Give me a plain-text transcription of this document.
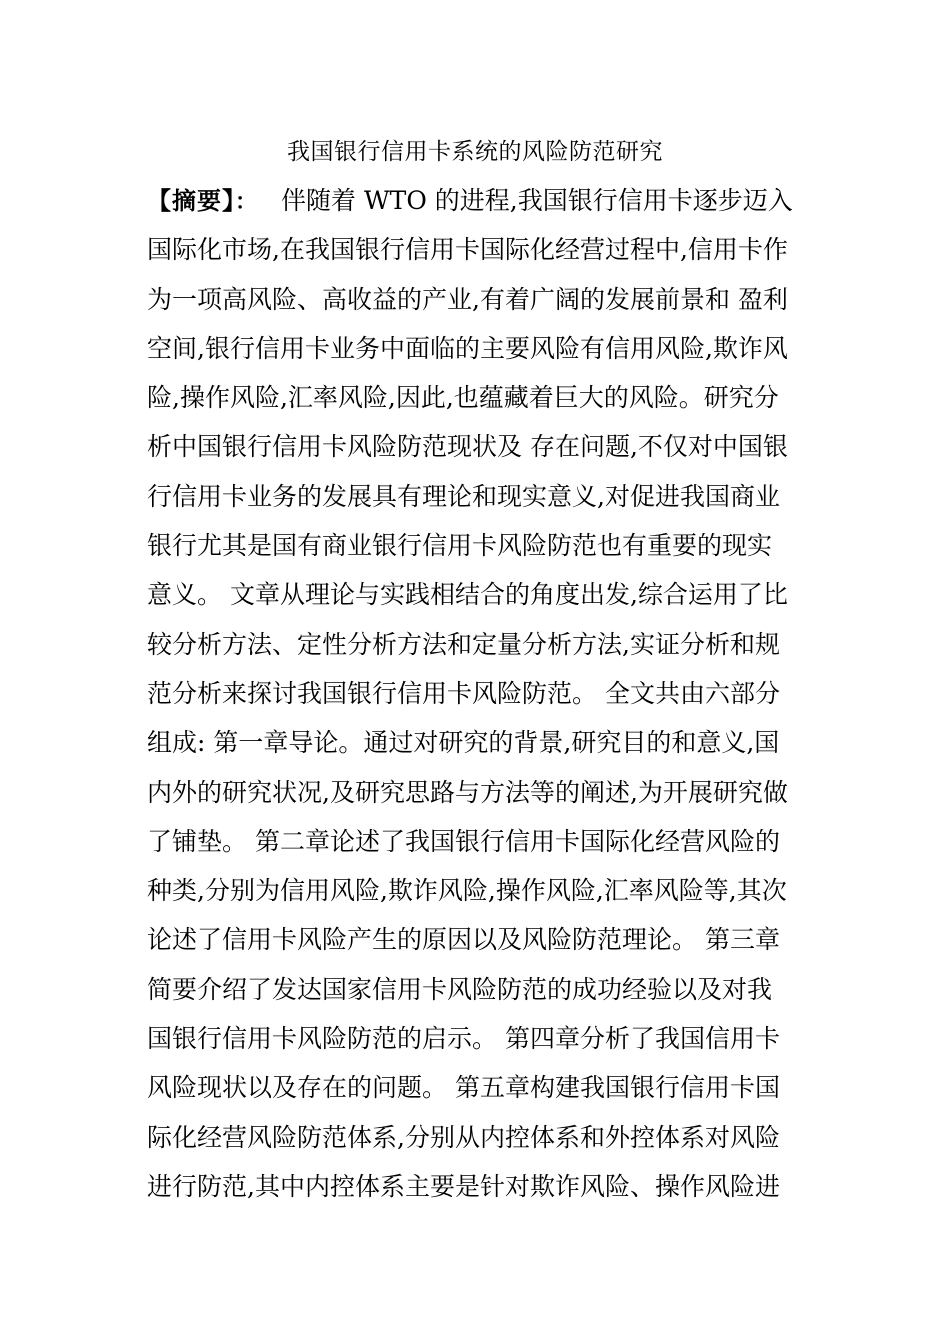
我国银行信用卡系统的风险防范研究
【摘要】： 伴随着 WTO 的进程,我国银行信用卡逐步迈入
国际化市场,在我国银行信用卡国际化经营过程中,信用卡作
为一项高风险、高收益的产业,有着广阔的发展前景和 盈利
空间,银行信用卡业务中面临的主要风险有信用风险,欺诈风
险,操作风险,汇率风险,因此,也蕴藏着巨大的风险。研究分
析中国银行信用卡风险防范现状及 存在问题,不仅对中国银
行信用卡业务的发展具有理论和现实意义,对促进我国商业
银行尤其是国有商业银行信用卡风险防范也有重要的现实
意义。 文章从理论与实践相结合的角度出发,综合运用了比
较分析方法、定性分析方法和定量分析方法,实证分析和规
范分析来探讨我国银行信用卡风险防范。 全文共由六部分
组成: 第一章导论。通过对研究的背景,研究目的和意义,国
内外的研究状况,及研究思路与方法等的阐述,为开展研究做
了铺垫。 第二章论述了我国银行信用卡国际化经营风险的
种类,分别为信用风险,欺诈风险,操作风险,汇率风险等,其次
论述了信用卡风险产生的原因以及风险防范理论。 第三章
简要介绍了发达国家信用卡风险防范的成功经验以及对我
国银行信用卡风险防范的启示。 第四章分析了我国信用卡
风险现状以及存在的问题。 第五章构建我国银行信用卡国
际化经营风险防范体系,分别从内控体系和外控体系对风险
进行防范,其中内控体系主要是针对欺诈风险、操作风险进
